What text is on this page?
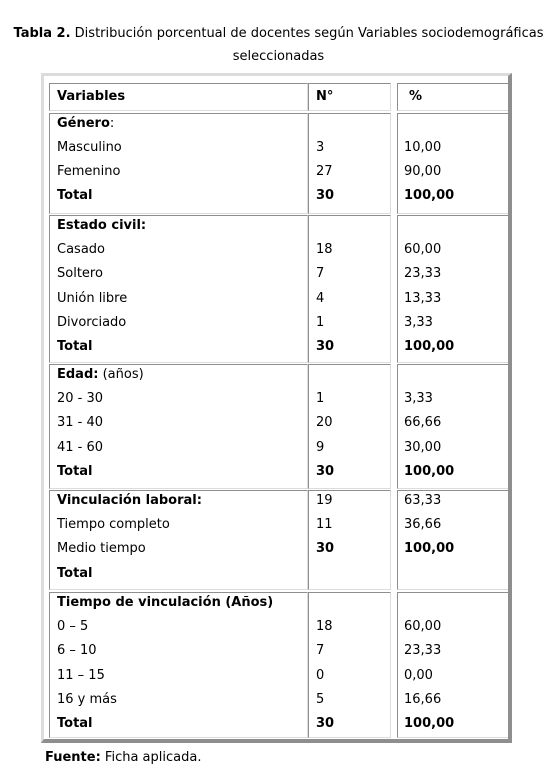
Tabla 2. Distribución porcentual de docentes según Variables sociodemográficas
seleccionadas
Variables	N°	%
Género:
Masculino
Femenino
Total
3
27
30
10,00
90,00
100,00
Estado civil:
Casado
Soltero
Unión libre
Divorciado
Total
18
7
4
1
30
60,00
23,33
13,33
3,33
100,00
Edad: (años)
20 - 30
31 - 40
41 - 60
Total
1
20
9
30
3,33
66,66
30,00
100,00
Vinculación laboral:
Tiempo completo
Medio tiempo
Total
19
11
30
63,33
36,66
100,00
Tiempo de vinculación (Años)
0 – 5
6 – 10
11 – 15
16 y más
Total
18
7
0
5
30
60,00
23,33
0,00
16,66
100,00
Fuente: Ficha aplicada.
